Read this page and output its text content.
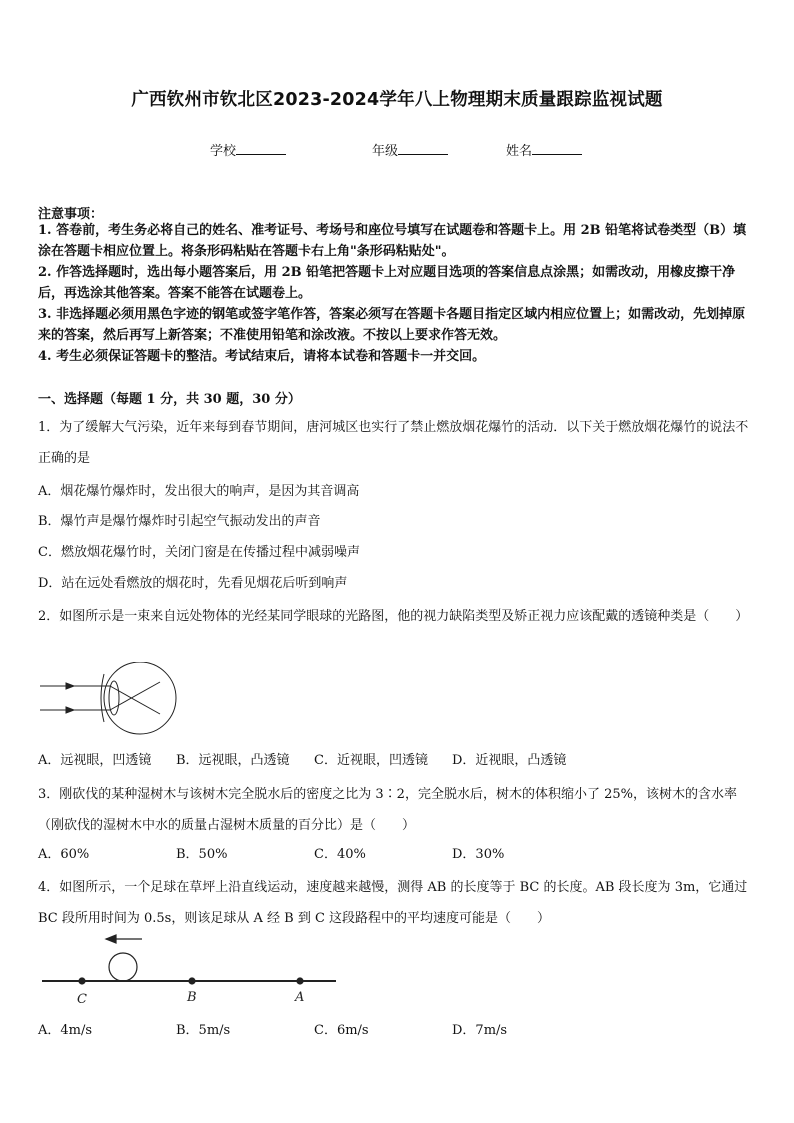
广西钦州市钦北区2023-2024学年八上物理期末质量跟踪监视试题
学校	年级	姓名
注意事项：
1. 答卷前，考生务必将自己的姓名、准考证号、考场号和座位号填写在试题卷和答题卡上。用 2B 铅笔将试卷类型（B）填涂在答题卡相应位置上。将条形码粘贴在答题卡右上角"条形码粘贴处"。
2. 作答选择题时，选出每小题答案后，用 2B 铅笔把答题卡上对应题目选项的答案信息点涂黑；如需改动，用橡皮擦干净后，再选涂其他答案。答案不能答在试题卷上。
3. 非选择题必须用黑色字迹的钢笔或签字笔作答，答案必须写在答题卡各题目指定区域内相应位置上；如需改动，先划掉原来的答案，然后再写上新答案；不准使用铅笔和涂改液。不按以上要求作答无效。
4. 考生必须保证答题卡的整洁。考试结束后，请将本试卷和答题卡一并交回。
一、选择题（每题 1 分，共 30 题，30 分）
1．为了缓解大气污染，近年来每到春节期间，唐河城区也实行了禁止燃放烟花爆竹的活动．以下关于燃放烟花爆竹的说法不正确的是
A．烟花爆竹爆炸时，发出很大的响声，是因为其音调高
B．爆竹声是爆竹爆炸时引起空气振动发出的声音
C．燃放烟花爆竹时，关闭门窗是在传播过程中减弱噪声
D．站在远处看燃放的烟花时，先看见烟花后听到响声
2．如图所示是一束来自远处物体的光经某同学眼球的光路图，他的视力缺陷类型及矫正视力应该配戴的透镜种类是（　　）
A．远视眼，凹透镜 B．远视眼，凸透镜 C．近视眼，凹透镜 D．近视眼，凸透镜
3．刚砍伐的某种湿树木与该树木完全脱水后的密度之比为 3∶2，完全脱水后，树木的体积缩小了 25%，该树木的含水率（刚砍伐的湿树木中水的质量占湿树木质量的百分比）是（　　）
A．60%	B．50%	C．40%	D．30%
4．如图所示，一个足球在草坪上沿直线运动，速度越来越慢，测得 AB 的长度等于 BC 的长度。AB 段长度为 3m，它通过 BC 段所用时间为 0.5s，则该足球从 A 经 B 到 C 这段路程中的平均速度可能是（　　）
C	B	A
A．4m/s	B．5m/s	C．6m/s	D．7m/s
